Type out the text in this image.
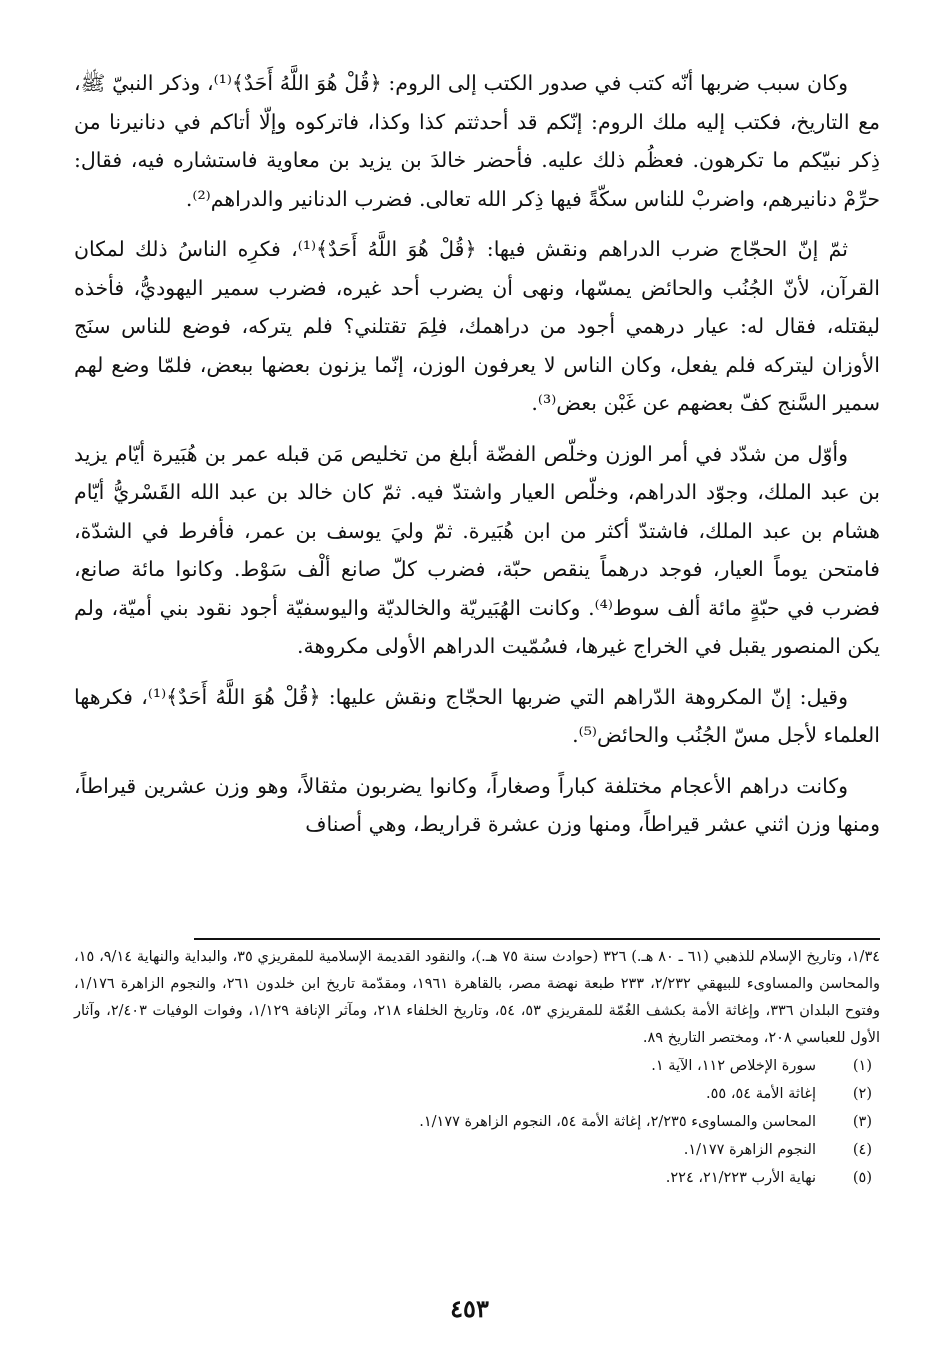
وكان سبب ضربها أنّه كتب في صدور الكتب إلى الروم: ﴿قُلْ هُوَ اللَّهُ أَحَدٌ﴾⁽¹⁾، وذكر النبيّ ﷺ، مع التاريخ، فكتب إليه ملك الروم: إنّكم قد أحدثتم كذا وكذا، فاتركوه وإلّا أتاكم في دنانيرنا من ذِكر نبيّكم ما تكرهون. فعظُم ذلك عليه. فأحضر خالدَ بن يزيد بن معاوية فاستشاره فيه، فقال: حرِّمْ دنانيرهم، واضربْ للناس سكّةً فيها ذِكر الله تعالى. فضرب الدنانير والدراهم⁽²⁾.

ثمّ إنّ الحجّاج ضرب الدراهم ونقش فيها: ﴿قُلْ هُوَ اللَّهُ أَحَدٌ﴾⁽¹⁾، فكرِه الناسُ ذلك لمكان القرآن، لأنّ الجُنُب والحائض يمسّها، ونهى أن يضرب أحد غيره، فضرب سمير اليهوديُّ، فأخذه ليقتله، فقال له: عيار درهمي أجود من دراهمك، فلِمَ تقتلني؟ فلم يتركه، فوضع للناس سنَج الأوزان ليتركه فلم يفعل، وكان الناس لا يعرفون الوزن، إنّما يزنون بعضها ببعض، فلمّا وضع لهم سمير السَّنج كفّ بعضهم عن غَبْن بعض⁽³⁾.

وأوّل من شدّد في أمر الوزن وخلّص الفضّة أبلغ من تخليص مَن قبله عمر بن هُبَيرة أيّام يزيد بن عبد الملك، وجوّد الدراهم، وخلّص العيار واشتدّ فيه. ثمّ كان خالد بن عبد الله القَسْريُّ أيّام هشام بن عبد الملك، فاشتدّ أكثر من ابن هُبَيرة. ثمّ وليَ يوسف بن عمر، فأفرط في الشدّة، فامتحن يوماً العيار، فوجد درهماً ينقص حبّة، فضرب كلّ صانع ألْف سَوْط. وكانوا مائة صانع، فضرب في حبّةٍ مائة ألف سوط⁽⁴⁾. وكانت الهُبَيريّة والخالديّة واليوسفيّة أجود نقود بني أميّة، ولم يكن المنصور يقبل في الخراج غيرها، فسُمّيت الدراهم الأولى مكروهة.

وقيل: إنّ المكروهة الدّراهم التي ضربها الحجّاج ونقش عليها: ﴿قُلْ هُوَ اللَّهُ أَحَدٌ﴾⁽¹⁾، فكرهها العلماء لأجل مسّ الجُنُب والحائض⁽⁵⁾.

وكانت دراهم الأعجام مختلفة كباراً وصغاراً، وكانوا يضربون مثقالاً، وهو وزن عشرين قيراطاً، ومنها وزن اثني عشر قيراطاً، ومنها وزن عشرة قراريط، وهي أصناف

١/٣٤، وتاريخ الإسلام للذهبي (٦١ ـ ٨٠ هـ.) ٣٢٦ (حوادث سنة ٧٥ هـ.)، والنقود القديمة الإسلامية للمقريزي ٣٥، والبداية والنهاية ٩/١٤، ١٥، والمحاسن والمساوىء للبيهقي ٢/٢٣٢، ٢٣٣ طبعة نهضة مصر، بالقاهرة ١٩٦١، ومقدّمة تاريخ ابن خلدون ٢٦١، والنجوم الزاهرة ١/١٧٦، وفتوح البلدان ٣٣٦، وإغاثة الأمة بكشف الغُمّة للمقريزي ٥٣، ٥٤، وتاريخ الخلفاء ٢١٨، ومآثر الإنافة ١/١٢٩، وفوات الوفيات ٢/٤٠٣، وآثار الأول للعباسي ٢٠٨، ومختصر التاريخ ٨٩.

(١)
سورة الإخلاص ١١٢، الآية ١.
(٢)
إغاثة الأمة ٥٤، ٥٥.
(٣)
المحاسن والمساوىء ٢/٢٣٥، إغاثة الأمة ٥٤، النجوم الزاهرة ١/١٧٧.
(٤)
النجوم الزاهرة ١/١٧٧.
(٥)
نهاية الأرب ٢١/٢٢٣، ٢٢٤.
٤٥٣
